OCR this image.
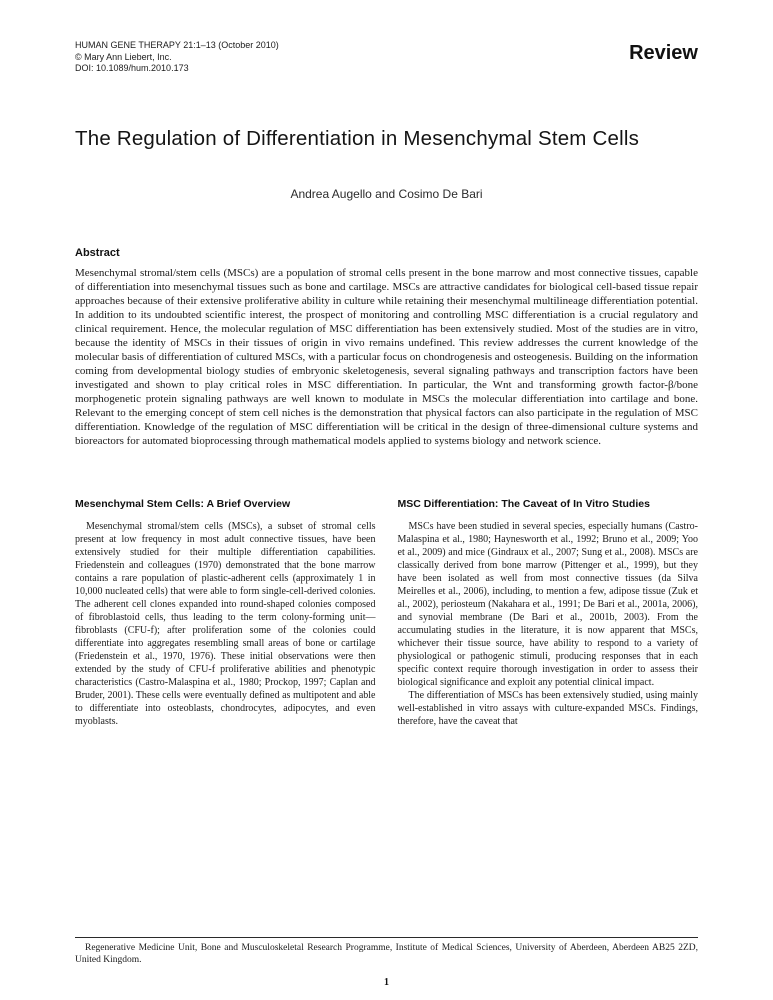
HUMAN GENE THERAPY 21:1–13 (October 2010)
© Mary Ann Liebert, Inc.
DOI: 10.1089/hum.2010.173
Review
The Regulation of Differentiation in Mesenchymal Stem Cells
Andrea Augello and Cosimo De Bari
Abstract

Mesenchymal stromal/stem cells (MSCs) are a population of stromal cells present in the bone marrow and most connective tissues, capable of differentiation into mesenchymal tissues such as bone and cartilage. MSCs are attractive candidates for biological cell-based tissue repair approaches because of their extensive proliferative ability in culture while retaining their mesenchymal multilineage differentiation potential. In addition to its undoubted scientific interest, the prospect of monitoring and controlling MSC differentiation is a crucial regulatory and clinical requirement. Hence, the molecular regulation of MSC differentiation has been extensively studied. Most of the studies are in vitro, because the identity of MSCs in their tissues of origin in vivo remains undefined. This review addresses the current knowledge of the molecular basis of differentiation of cultured MSCs, with a particular focus on chondrogenesis and osteogenesis. Building on the information coming from developmental biology studies of embryonic skeletogenesis, several signaling pathways and transcription factors have been investigated and shown to play critical roles in MSC differentiation. In particular, the Wnt and transforming growth factor-β/bone morphogenetic protein signaling pathways are well known to modulate in MSCs the molecular differentiation into cartilage and bone. Relevant to the emerging concept of stem cell niches is the demonstration that physical factors can also participate in the regulation of MSC differentiation. Knowledge of the regulation of MSC differentiation will be critical in the design of three-dimensional culture systems and bioreactors for automated bioprocessing through mathematical models applied to systems biology and network science.

Mesenchymal Stem Cells: A Brief Overview

Mesenchymal stromal/stem cells (MSCs), a subset of stromal cells present at low frequency in most adult connective tissues, have been extensively studied for their multiple differentiation capabilities. Friedenstein and colleagues (1970) demonstrated that the bone marrow contains a rare population of plastic-adherent cells (approximately 1 in 10,000 nucleated cells) that were able to form single-cell-derived colonies. The adherent cell clones expanded into round-shaped colonies composed of fibroblastoid cells, thus leading to the term colony-forming unit—fibroblasts (CFU-f); after proliferation some of the colonies could differentiate into aggregates resembling small areas of bone or cartilage (Friedenstein et al., 1970, 1976). These initial observations were then extended by the study of CFU-f proliferative abilities and phenotypic characteristics (Castro-Malaspina et al., 1980; Prockop, 1997; Caplan and Bruder, 2001). These cells were eventually defined as multipotent and able to differentiate into osteoblasts, chondrocytes, adipocytes, and even myoblasts.

MSC Differentiation: The Caveat of In Vitro Studies

MSCs have been studied in several species, especially humans (Castro-Malaspina et al., 1980; Haynesworth et al., 1992; Bruno et al., 2009; Yoo et al., 2009) and mice (Gindraux et al., 2007; Sung et al., 2008). MSCs are classically derived from bone marrow (Pittenger et al., 1999), but they have been isolated as well from most connective tissues (da Silva Meirelles et al., 2006), including, to mention a few, adipose tissue (Zuk et al., 2002), periosteum (Nakahara et al., 1991; De Bari et al., 2001a, 2006), and synovial membrane (De Bari et al., 2001b, 2003). From the accumulating studies in the literature, it is now apparent that MSCs, whichever their tissue source, have ability to respond to a variety of physiological or pathogenic stimuli, producing responses that in each specific context require thorough investigation in order to assess their biological significance and exploit any potential clinical impact.

The differentiation of MSCs has been extensively studied, using mainly well-established in vitro assays with culture-expanded MSCs. Findings, therefore, have the caveat that

Regenerative Medicine Unit, Bone and Musculoskeletal Research Programme, Institute of Medical Sciences, University of Aberdeen, Aberdeen AB25 2ZD, United Kingdom.

1
